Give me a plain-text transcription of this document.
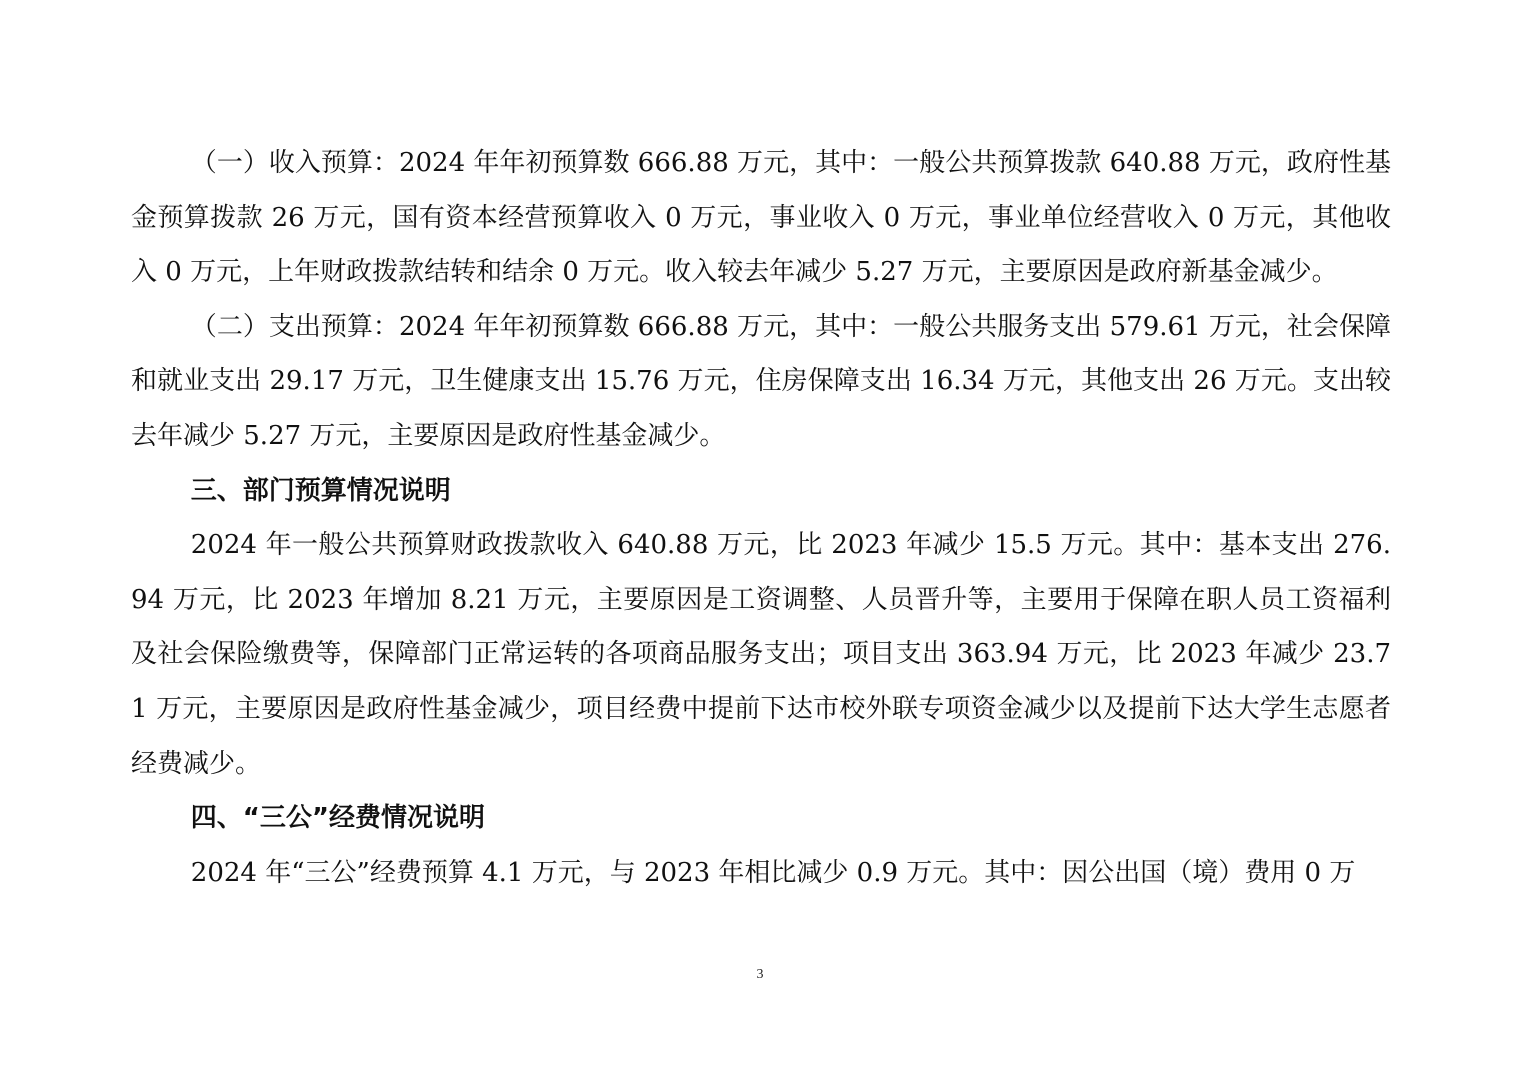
（一）收入预算：2024 年年初预算数 666.88 万元，其中：一般公共预算拨款 640.88 万元，政府性基金预算拨款 26 万元，国有资本经营预算收入 0 万元，事业收入 0 万元，事业单位经营收入 0 万元，其他收入 0 万元，上年财政拨款结转和结余 0 万元。收入较去年减少 5.27 万元，主要原因是政府新基金减少。

（二）支出预算：2024 年年初预算数 666.88 万元，其中：一般公共服务支出 579.61 万元，社会保障和就业支出 29.17 万元，卫生健康支出 15.76 万元，住房保障支出 16.34 万元，其他支出 26 万元。支出较去年减少 5.27 万元，主要原因是政府性基金减少。

三、部门预算情况说明

2024 年一般公共预算财政拨款收入 640.88 万元，比 2023 年减少 15.5 万元。其中：基本支出 276.94 万元，比 2023 年增加 8.21 万元，主要原因是工资调整、人员晋升等，主要用于保障在职人员工资福利及社会保险缴费等，保障部门正常运转的各项商品服务支出；项目支出 363.94 万元，比 2023 年减少 23.71 万元，主要原因是政府性基金减少，项目经费中提前下达市校外联专项资金减少以及提前下达大学生志愿者经费减少。

四、“三公”经费情况说明

2024 年“三公”经费预算 4.1 万元，与 2023 年相比减少 0.9 万元。其中：因公出国（境）费用 0 万

3
